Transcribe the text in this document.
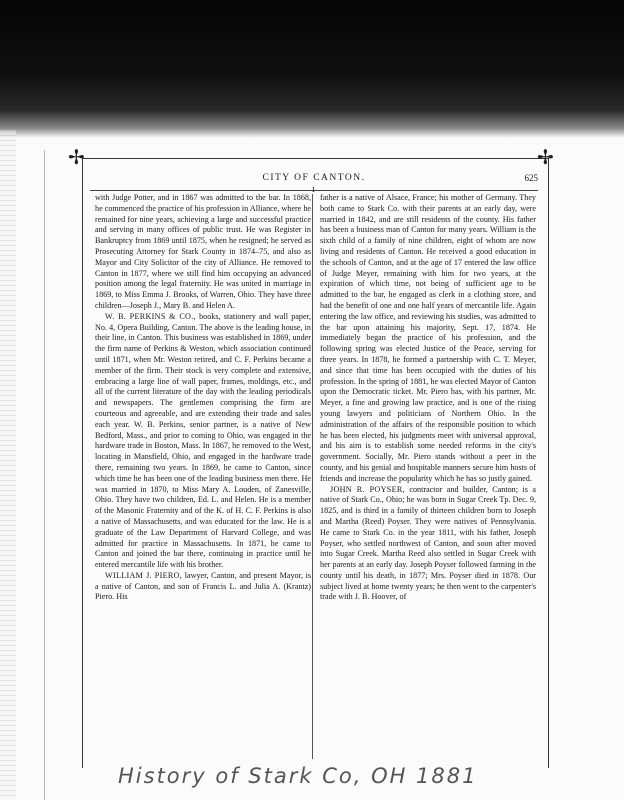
✢	✢
CITY OF CANTON.	625

with Judge Potter, and in 1867 was admitted to the bar. In 1868, he commenced the practice of his profession in Alliance, where he remained for nine years, achieving a large and successful practice and serving in many offices of public trust. He was Register in Bankruptcy from 1869 until 1875, when he resigned; he served as Prosecuting Attorney for Stark County in 1874–75, and also as Mayor and City Solicitor of the city of Alliance. He removed to Canton in 1877, where we still find him occupying an advanced position among the legal fraternity. He was united in marriage in 1869, to Miss Emma J. Brooks, of Warren, Ohio. They have three children—Joseph J., Mary B. and Helen A.

W. B. PERKINS & CO., books, stationery and wall paper, No. 4, Opera Building, Canton. The above is the leading house, in their line, in Canton. This business was established in 1869, under the firm name of Perkins & Weston, which association continued until 1871, when Mr. Weston retired, and C. F. Perkins became a member of the firm. Their stock is very complete and extensive, embracing a large line of wall paper, frames, moldings, etc., and all of the current literature of the day with the leading periodicals and newspapers. The gentlemen comprising the firm are courteous and agreeable, and are extending their trade and sales each year. W. B. Perkins, senior partner, is a native of New Bedford, Mass., and prior to coming to Ohio, was engaged in the hardware trade in Boston, Mass. In 1867, he removed to the West, locating in Mansfield, Ohio, and engaged in the hardware trade there, remaining two years. In 1869, he came to Canton, since which time he has been one of the leading business men there. He was married in 1870, to Miss Mary A. Louden, of Zanesville, Ohio. They have two children, Ed. L. and Helen. He is a member of the Masonic Fraternity and of the K. of H. C. F. Perkins is also a native of Massachusetts, and was educated for the law. He is a graduate of the Law Department of Harvard College, and was admitted for practice in Massachusetts. In 1871, he came to Canton and joined the bar there, continuing in practice until he entered mercantile life with his brother.

WILLIAM J. PIERO, lawyer, Canton, and present Mayor, is a native of Canton, and son of Francis L. and Julia A. (Krantz) Piero. His

father is a native of Alsace, France; his mother of Germany. They both came to Stark Co. with their parents at an early day, were married in 1842, and are still residents of the county. His father has been a business man of Canton for many years. William is the sixth child of a family of nine children, eight of whom are now living and residents of Canton. He received a good education in the schools of Canton, and at the age of 17 entered the law office of Judge Meyer, remaining with him for two years, at the expiration of which time, not being of sufficient age to be admitted to the bar, he engaged as clerk in a clothing store, and had the benefit of one and one half years of mercantile life. Again entering the law office, and reviewing his studies, was admitted to the bar upon attaining his majority, Sept. 17, 1874. He immediately began the practice of his profession, and the following spring was elected Justice of the Peace, serving for three years. In 1878, he formed a partnership with C. T. Meyer, and since that time has been occupied with the duties of his profession. In the spring of 1881, he was elected Mayor of Canton upon the Democratic ticket. Mr. Piero has, with his partner, Mr. Meyer, a fine and growing law practice, and is one of the rising young lawyers and politicians of Northern Ohio. In the administration of the affairs of the responsible position to which he has been elected, his judgments meet with universal approval, and his aim is to establish some needed reforms in the city's government. Socially, Mr. Piero stands without a peer in the county, and his genial and hospitable manners secure him hosts of friends and increase the popularity which he has so justly gained.

JOHN R. POYSER, contractor and builder, Canton; is a native of Stark Co., Ohio; he was born in Sugar Creek Tp. Dec. 9, 1825, and is third in a family of thirteen children born to Joseph and Martha (Reed) Poyser. They were natives of Pennsylvania. He came to Stark Co. in the year 1811, with his father, Joseph Poyser, who settled northwest of Canton, and soon after moved into Sugar Creek. Martha Reed also settled in Sugar Creek with her parents at an early day. Joseph Poyser followed farming in the county until his death, in 1877; Mrs. Poyser died in 1878. Our subject lived at home twenty years; he then went to the carpenter's trade with J. B. Hoover, of

History of Stark Co, OH 1881
